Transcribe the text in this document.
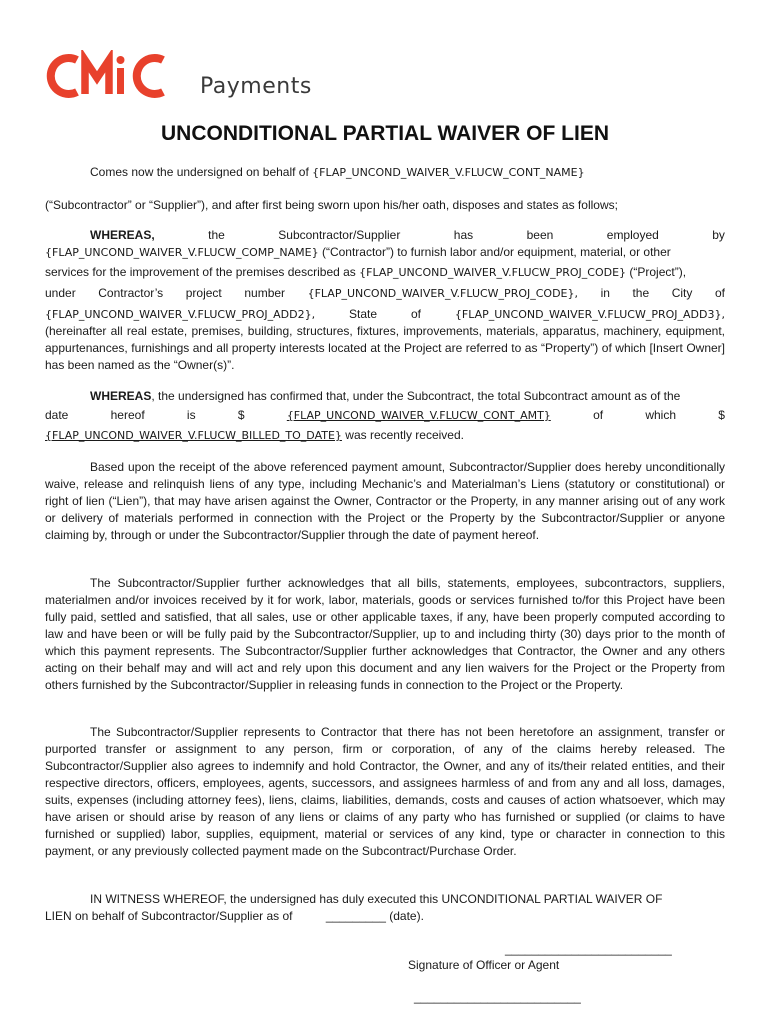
Payments
UNCONDITIONAL PARTIAL WAIVER OF LIEN

Comes now the undersigned on behalf of {FLAP_UNCOND_WAIVER_V.FLUCW_CONT_NAME}

(“Subcontractor” or “Supplier”), and after first being sworn upon his/her oath, disposes and states as follows;

WHEREAS,	the	Subcontractor/Supplier	has	been	employed	by
{FLAP_UNCOND_WAIVER_V.FLUCW_COMP_NAME} (“Contractor”) to furnish labor and/or equipment, material, or other
services for the improvement of the premises described as {FLAP_UNCOND_WAIVER_V.FLUCW_PROJ_CODE} (“Project”),
under Contractor’s project number {FLAP_UNCOND_WAIVER_V.FLUCW_PROJ_CODE}, in the City of
{FLAP_UNCOND_WAIVER_V.FLUCW_PROJ_ADD2},	State	of	{FLAP_UNCOND_WAIVER_V.FLUCW_PROJ_ADD3},

(hereinafter all real estate, premises, building, structures, fixtures, improvements, materials, apparatus, machinery, equipment, appurtenances, furnishings and all property interests located at the Project are referred to as “Property”) of which [Insert Owner] has been named as the “Owner(s)”.

WHEREAS, the undersigned has confirmed that, under the Subcontract, the total Subcontract amount as of the

date	hereof	is	$	{FLAP_UNCOND_WAIVER_V.FLUCW_CONT_AMT}	of	which	$
{FLAP_UNCOND_WAIVER_V.FLUCW_BILLED_TO_DATE} was recently received.

Based upon the receipt of the above referenced payment amount, Subcontractor/Supplier does hereby unconditionally waive, release and relinquish liens of any type, including Mechanic’s and Materialman’s Liens (statutory or constitutional) or right of lien (“Lien”), that may have arisen against the Owner, Contractor or the Property, in any manner arising out of any work or delivery of materials performed in connection with the Project or the Property by the Subcontractor/Supplier or anyone claiming by, through or under the Subcontractor/Supplier through the date of payment hereof.

The Subcontractor/Supplier further acknowledges that all bills, statements, employees, subcontractors, suppliers, materialmen and/or invoices received by it for work, labor, materials, goods or services furnished to/for this Project have been fully paid, settled and satisfied, that all sales, use or other applicable taxes, if any, have been properly computed according to law and have been or will be fully paid by the Subcontractor/Supplier, up to and including thirty (30) days prior to the month of which this payment represents. The Subcontractor/Supplier further acknowledges that Contractor, the Owner and any others acting on their behalf may and will act and rely upon this document and any lien waivers for the Project or the Property from others furnished by the Subcontractor/Supplier in releasing funds in connection to the Project or the Property.

The Subcontractor/Supplier represents to Contractor that there has not been heretofore an assignment, transfer or purported transfer or assignment to any person, firm or corporation, of any of the claims hereby released. The Subcontractor/Supplier also agrees to indemnify and hold Contractor, the Owner, and any of its/their related entities, and their respective directors, officers, employees, agents, successors, and assignees harmless of and from any and all loss, damages, suits, expenses (including attorney fees), liens, claims, liabilities, demands, costs and causes of action whatsoever, which may have arisen or should arise by reason of any liens or claims of any party who has furnished or supplied (or claims to have furnished or supplied) labor, supplies, equipment, material or services of any kind, type or character in connection to this payment, or any previously collected payment made on the Subcontract/Purchase Order.

IN WITNESS WHEREOF, the undersigned has duly executed this UNCONDITIONAL PARTIAL WAIVER OF
LIEN on behalf of Subcontractor/Supplier as of	_________ (date).
_________________________
Signature of Officer or Agent
_________________________
